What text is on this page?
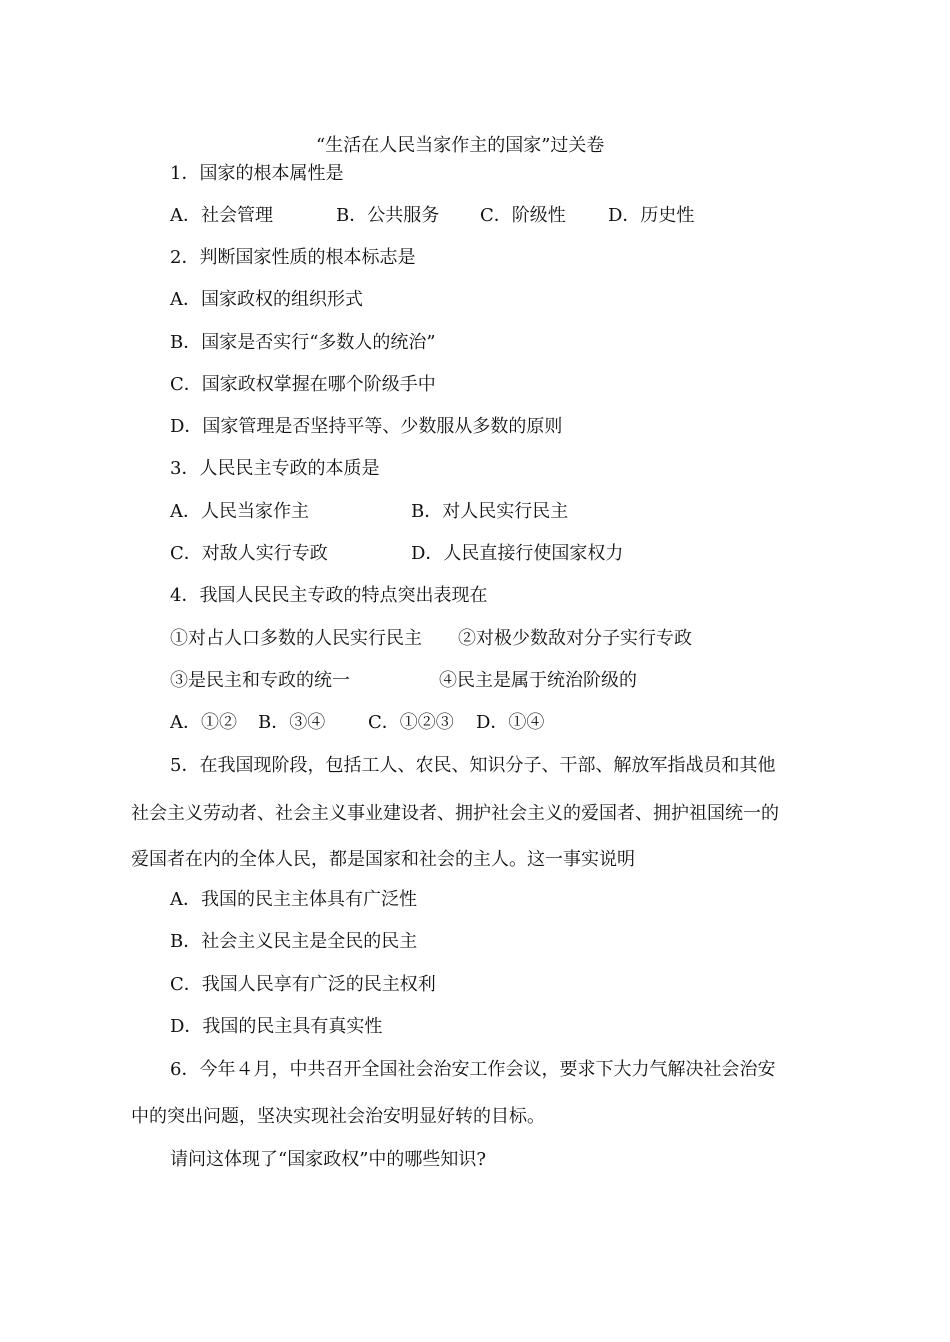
“生活在人民当家作主的国家”过关卷
1．国家的根本属性是
A．社会管理	B．公共服务 C．阶级性 D．历史性
2．判断国家性质的根本标志是
A．国家政权的组织形式
B．国家是否实行“多数人的统治”
C．国家政权掌握在哪个阶级手中
D．国家管理是否坚持平等、少数服从多数的原则
3．人民民主专政的本质是
A．人民当家作主	B．对人民实行民主
C．对敌人实行专政	D．人民直接行使国家权力
4．我国人民民主专政的特点突出表现在
①对占人口多数的人民实行民主 ②对极少数敌对分子实行专政
③是民主和专政的统一	④民主是属于统治阶级的
A．①② B．③④ C．①②③ D．①④
5．在我国现阶段，包括工人、农民、知识分子、干部、解放军指战员和其他
社会主义劳动者、社会主义事业建设者、拥护社会主义的爱国者、拥护祖国统一的
爱国者在内的全体人民，都是国家和社会的主人。这一事实说明
A．我国的民主主体具有广泛性
B．社会主义民主是全民的民主
C．我国人民享有广泛的民主权利
D．我国的民主具有真实性
6．今年４月，中共召开全国社会治安工作会议，要求下大力气解决社会治安
中的突出问题，坚决实现社会治安明显好转的目标。
请问这体现了“国家政权”中的哪些知识?
